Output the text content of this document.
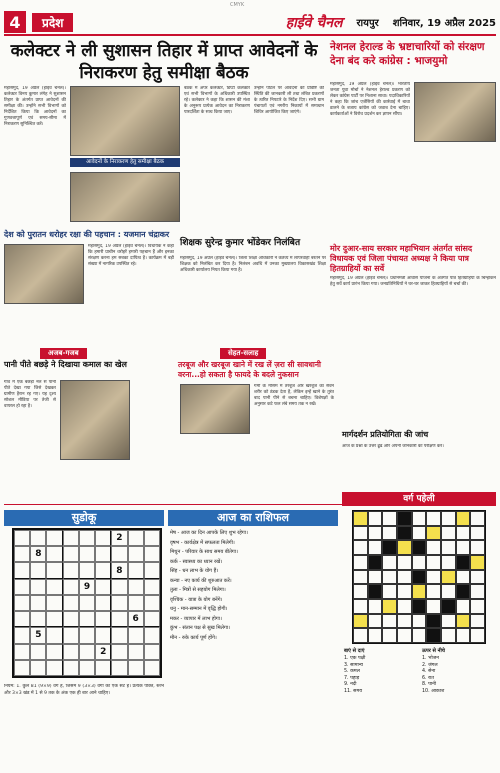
CMYK
4	प्रदेश	हाईवे चैनल रायपुर शनिवार, 19 अप्रैल 2025
कलेक्टर ने ली सुशासन तिहार में प्राप्त आवेदनों के निराकरण हेतु समीक्षा बैठक
महासमुंद, 19 अप्रैल (हाईवे चैनल)। कलेक्टर विनय कुमार लंगेह ने सुशासन तिहार के अंतर्गत प्राप्त आवेदनों की समीक्षा की। उन्होंने सभी विभागों को निर्देशित किया कि आवेदनों का गुणवत्तापूर्ण एवं समय-सीमा में निराकरण सुनिश्चित करें।
आवेदनों के निराकरण हेतु समीक्षा बैठक
बैठक में अपर कलेक्टर, डिप्टी कलेक्टर एवं सभी विभागों के अधिकारी उपस्थित रहे। कलेक्टर ने कहा कि शासन की मंशा के अनुरूप प्रत्येक आवेदन का निराकरण पारदर्शिता के साथ किया जाए।
उन्होंने पोर्टल पर आवेदनों की प्रविष्टि की स्थिति की जानकारी ली तथा लंबित प्रकरणों के त्वरित निपटारे के निर्देश दिए। सभी ग्राम पंचायतों एवं नगरीय निकायों में समाधान शिविर आयोजित किए जाएंगे।
नेशनल हेराल्ड के भ्रष्टाचारियों को संरक्षण देना बंद करे कांग्रेस : भाजयुमो
महासमुंद, 19 अप्रैल (हाईवे चैनल)। भारतीय जनता युवा मोर्चा ने नेशनल हेराल्ड प्रकरण को लेकर कांग्रेस पार्टी पर निशाना साधा। पदाधिकारियों ने कहा कि जांच एजेंसियों की कार्रवाई में बाधा डालने के बजाय कांग्रेस को जवाब देना चाहिए। कार्यकर्ताओं ने विरोध प्रदर्शन कर ज्ञापन सौंपा।
देश को पुरातन धरोहर रक्षा की पहचान : यजमान चंद्राकर
महासमुंद, 19 अप्रैल (हाईवे चैनल)। विधायक ने कहा कि हमारी प्राचीन धरोहरें हमारी पहचान हैं और इनका संरक्षण करना हम सबका दायित्व है। कार्यक्रम में बड़ी संख्या में नागरिक उपस्थित रहे।
शिक्षक सुरेन्द्र कुमार भोंडेकर निलंबित
महासमुंद, 19 अप्रैल (हाईवे चैनल)। जिला शिक्षा अधिकारी ने कर्तव्य में लापरवाही बरतने पर शिक्षक को निलंबित कर दिया है। निलंबन अवधि में उनका मुख्यालय विकासखंड शिक्षा अधिकारी कार्यालय नियत किया गया है।
मोर दुआर-साय सरकार महाभियान अंतर्गत सांसद विधायक एवं जिला पंचायत अध्यक्ष ने किया पात्र हितग्राहियों का सर्वे
महासमुंद, 19 अप्रैल (हाईवे चैनल)। प्रधानमंत्री आवास योजना के अंतर्गत पात्र हितग्राहियों के चिन्हांकन हेतु सर्वे कार्य प्रारंभ किया गया। जनप्रतिनिधियों ने घर-घर जाकर हितग्राहियों से चर्चा की।
अजब-गजब
पानी पीते बछड़े ने दिखाया कमाल का खेल
गांव में एक बछड़ा नल से पानी पीते देखा गया जिसे देखकर ग्रामीण हैरान रह गए। यह दृश्य सोशल मीडिया पर तेजी से वायरल हो रहा है।
सेहत-सलाह
तरबूज और खरबूज खाने में रख लें ज़रा सी सावधानी वरना...हो सकता है फायदे के बदले नुकसान
गर्मी के मौसम में तरबूज और खरबूज का सेवन शरीर को ठंडक देता है, लेकिन इन्हें खाने के तुरंत बाद पानी पीने से बचना चाहिए। विशेषज्ञों के अनुसार कटे फल लंबे समय तक न रखें।
मार्गदर्शन प्रतियोगिता की जांच
आज के प्रश्नों के उत्तर ढूंढें और अपनी जानकारी का परीक्षण करें।
सुडोकू
2
8
8
9
6
5
2
नियम: 1. कुल 81 (9×9) वर्ग हैं, जिसमें 9 (3×3) वर्गों का एक सेट है। प्रत्येक पंक्ति, स्तंभ और 3×3 खंड में 1 से 9 तक के अंक एक ही बार आने चाहिए।
आज का राशिफल
मेष - आज का दिन आपके लिए शुभ रहेगा।
वृषभ - कार्यक्षेत्र में सफलता मिलेगी।
मिथुन - परिवार के साथ समय बीतेगा।
कर्क - स्वास्थ्य का ध्यान रखें।
सिंह - धन लाभ के योग हैं।
कन्या - नए कार्य की शुरुआत करें।
तुला - मित्रों से सहयोग मिलेगा।
वृश्चिक - यात्रा के योग बनेंगे।
धनु - मान-सम्मान में वृद्धि होगी।
मकर - व्यापार में लाभ होगा।
कुंभ - संतान पक्ष से सुख मिलेगा।
मीन - रुके कार्य पूर्ण होंगे।
वर्ग पहेली
बाएं से दाएं
1. एक पक्षी
3. सामान्य
5. कमल
7. पहाड़
9. नदी
11. समय
ऊपर से नीचे
1. भोजन
2. जंगल
4. सेना
6. रात
8. पानी
10. आकाश
